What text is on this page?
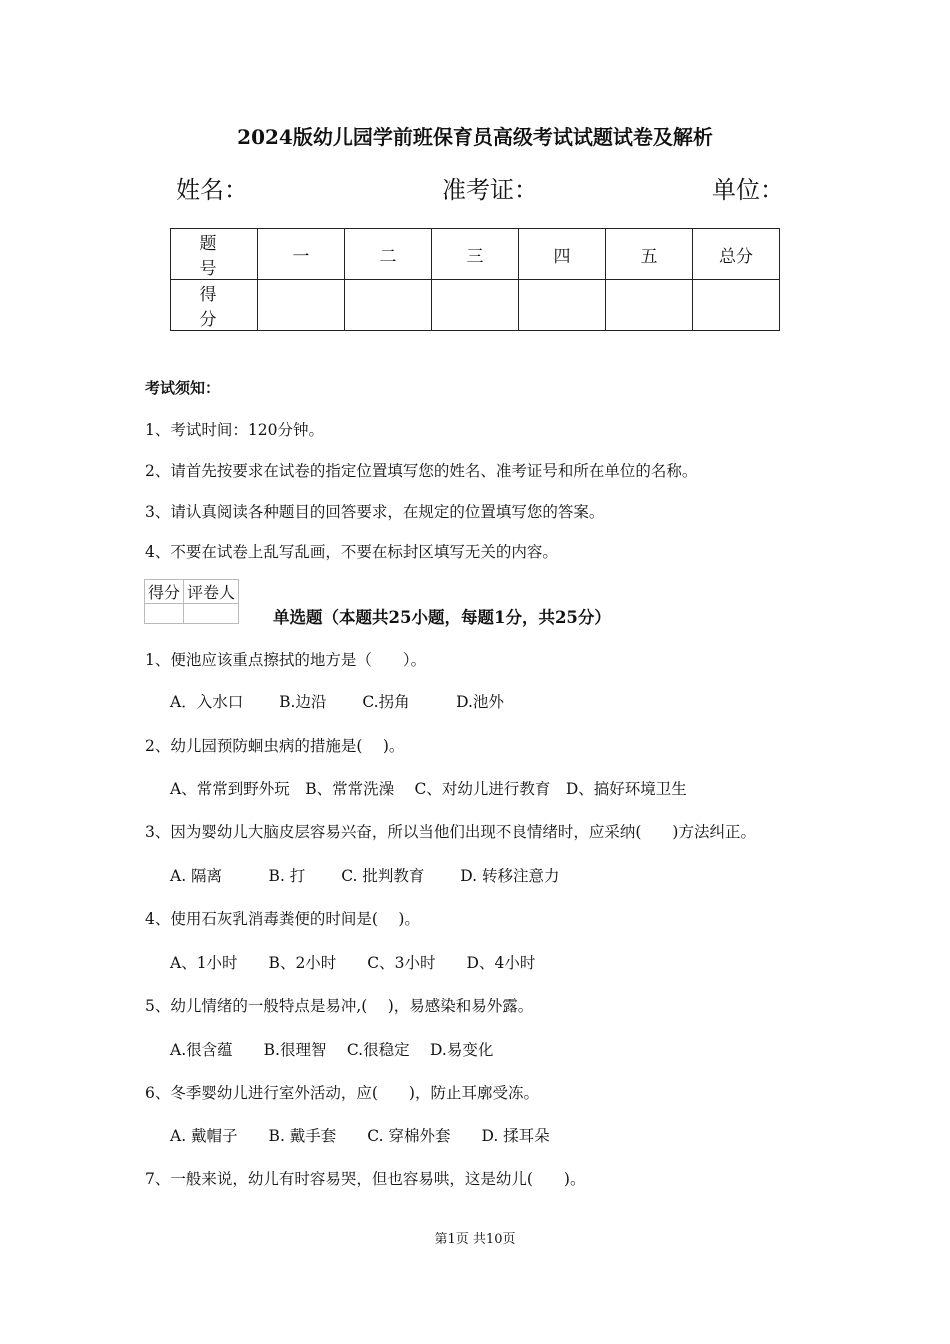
2024版幼儿园学前班保育员高级考试试题试卷及解析
姓名：	准考证：	单位：
题　号	一	二	三	四	五	总分
得　分						
考试须知：
1、考试时间：120分钟。
2、请首先按要求在试卷的指定位置填写您的姓名、准考证号和所在单位的名称。
3、请认真阅读各种题目的回答要求，在规定的位置填写您的答案。
4、不要在试卷上乱写乱画，不要在标封区填写无关的内容。
得分	评卷人

单选题（本题共25小题，每题1分，共25分）
1、便池应该重点擦拭的地方是（　　）。
A．入水口　　 B.边沿　　 C.拐角　　　D.池外
2、幼儿园预防蛔虫病的措施是(　 )。
A、常常到野外玩　B、常常洗澡　 C、对幼儿进行教育　D、搞好环境卫生
3、因为婴幼儿大脑皮层容易兴奋，所以当他们出现不良情绪时，应采纳(　　)方法纠正。
A. 隔离　　　B. 打　　 C. 批判教育　　 D. 转移注意力
4、使用石灰乳消毒粪便的时间是(　 )。
A、1小时　　B、2小时　　C、3小时　　D、4小时
5、幼儿情绪的一般特点是易冲,(　 )，易感染和易外露。
A.很含蕴　　B.很理智　 C.很稳定　 D.易变化
6、冬季婴幼儿进行室外活动，应(　　)，防止耳廓受冻。
A. 戴帽子　　B. 戴手套　　C. 穿棉外套　　D. 揉耳朵
7、一般来说，幼儿有时容易哭，但也容易哄，这是幼儿(　　)。
第1页 共10页
